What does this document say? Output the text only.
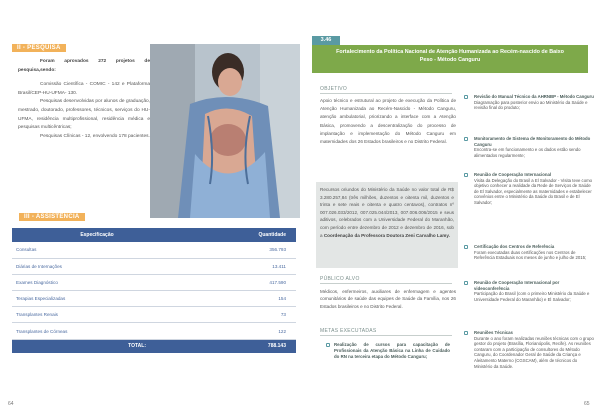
II - PESQUISA

Foram aprovados 272 projetos de pesquisa,sendo:

Comissão Científica - COMIC - 142 e Plataforma Brasil/CEP-HU-UFMA- 130.

Pesquisas desenvolvidas por alunos de graduação, mestrado, doutorado, professores, técnicos, serviços do HU-UFMA, residência multiprofissional, residência médica e pesquisas multicêntricas;

Pesquisas Clínicas - 12, envolvendo 178 pacientes.

III - ASSISTÊNCIA
Especificação	Quantidade
Consultas	356.793
Diárias de Internações	13.411
Exames Diagnóstico	417.590
Terapias Especializadas	154
Transplantes Renais	73
Transplantes de Córneas	122
TOTAL:	788.143
64
3.46
Fortalecimento da Política Nacional de Atenção Humanizada ao Recém-nascido de Baixo Peso - Método Canguru
OBJETIVO
Apoio técnico e estrutural ao projeto de execução da Política de Atenção Humanizada ao Recém-Nascido - Método Canguru, atenção ambulatorial, priorizando a interface com a Atenção Básica, promovendo a descentralização do processo de implantação e implementação do Método Canguru em maternidades dos 26 Estados brasileiros e no Distrito Federal.
Recursos oriundos do Ministério da Saúde no valor total de R$ 3.280.257,84 (três milhões, duzentos e oitenta mil, duzentos e trinta e sete reais e oitenta e quatro centavos), contratos nº 007.026.033/2012, 007.025.044/2013, 007.006.006/2015 e seus aditivos, celebrados com a Universidade Federal do Maranhão, com período entre dezembro de 2012 e dezembro de 2016, sob a Coordenação da Professora Doutora Zeni Carvalho Lamy.
PÚBLICO ALVO
Médicos, enfermeiros, auxiliares de enfermagem e agentes comunitários de saúde das equipes de Saúde da Família, nos 26 Estados brasileiros e no Distrito Federal.
METAS EXECUTADAS
Realização de cursos para capacitação de Profissionais da Atenção Básica na Linha de Cuidado do RN na terceira etapa do Método Canguru;
Revisão do Manual Técnico da AHRNBP - Método Canguru
Diagramação para posterior envio ao Ministério da Saúde e revisão final do produto;
Monitoramento de Sistema de Monitoramento do Método Canguru
Encontra-se em funcionamento e os dados estão sendo alimentados regularmente;
Reunião de Cooperação Internacional
Visita da Delegação do Brasil a El Salvador - Visita teve como objetivo conhecer a realidade da Rede de Serviços de Saúde de El Salvador, especialmente as maternidades e estabelecer convênios entre o Ministério da Saúde do Brasil e de El Salvador;
Certificação dos Centros de Referência
Foram executadas duas certificações nos Centros de Referência Estaduais nos meses de junho e julho de 2015;
Reunião de Cooperação Internacional por videoconferência
Participação do Brasil (com o primeiro Ministério da Saúde e Universidade Federal do Maranhão) e El Salvador;
Reuniões Técnicas
Durante o ano foram realizadas reuniões técnicas com o grupo gestor do projeto (Brasília, Florianópolis, Recife). As reuniões contaram com a participação de consultores do Método Canguru, do Coordenador Geral de Saúde da Criança e Aleitamento Materno (CGSCAM), além de técnicos do Ministério da Saúde.
65
